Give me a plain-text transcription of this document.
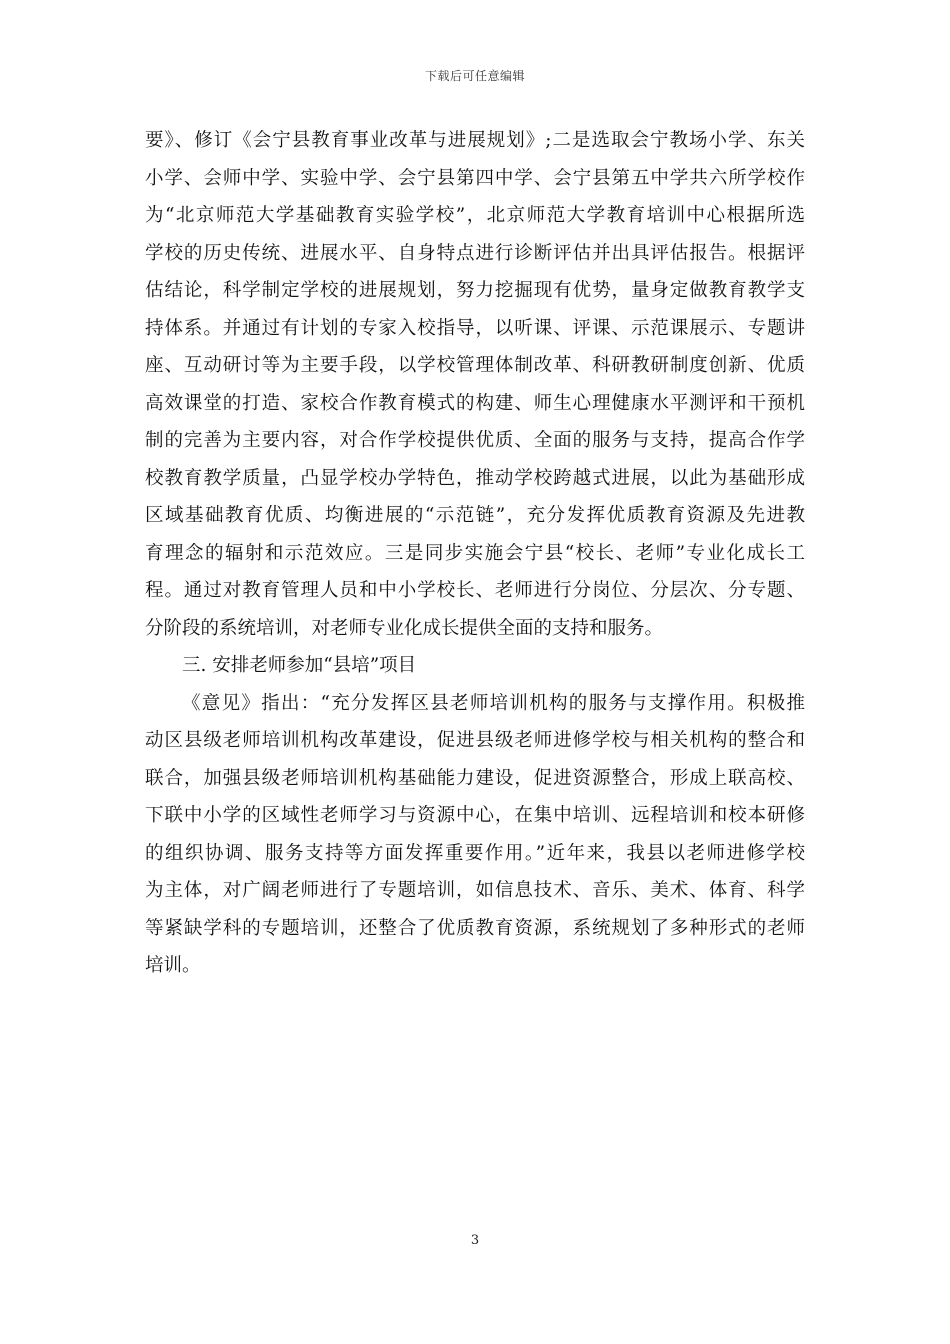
下载后可任意编辑
要》、修订《会宁县教育事业改革与进展规划》;二是选取会宁教场小学、东关
小学、会师中学、实验中学、会宁县第四中学、会宁县第五中学共六所学校作
为“北京师范大学基础教育实验学校”，北京师范大学教育培训中心根据所选
学校的历史传统、进展水平、自身特点进行诊断评估并出具评估报告。根据评
估结论，科学制定学校的进展规划，努力挖掘现有优势，量身定做教育教学支
持体系。并通过有计划的专家入校指导，以听课、评课、示范课展示、专题讲
座、互动研讨等为主要手段，以学校管理体制改革、科研教研制度创新、优质
高效课堂的打造、家校合作教育模式的构建、师生心理健康水平测评和干预机
制的完善为主要内容，对合作学校提供优质、全面的服务与支持，提高合作学
校教育教学质量，凸显学校办学特色，推动学校跨越式进展，以此为基础形成
区域基础教育优质、均衡进展的“示范链”，充分发挥优质教育资源及先进教
育理念的辐射和示范效应。三是同步实施会宁县“校长、老师”专业化成长工
程。通过对教育管理人员和中小学校长、老师进行分岗位、分层次、分专题、
分阶段的系统培训，对老师专业化成长提供全面的支持和服务。
三. 安排老师参加“县培”项目
《意见》指出：“充分发挥区县老师培训机构的服务与支撑作用。积极推
动区县级老师培训机构改革建设，促进县级老师进修学校与相关机构的整合和
联合，加强县级老师培训机构基础能力建设，促进资源整合，形成上联高校、
下联中小学的区域性老师学习与资源中心，在集中培训、远程培训和校本研修
的组织协调、服务支持等方面发挥重要作用。”近年来，我县以老师进修学校
为主体，对广阔老师进行了专题培训，如信息技术、音乐、美术、体育、科学
等紧缺学科的专题培训，还整合了优质教育资源，系统规划了多种形式的老师
培训。
3
